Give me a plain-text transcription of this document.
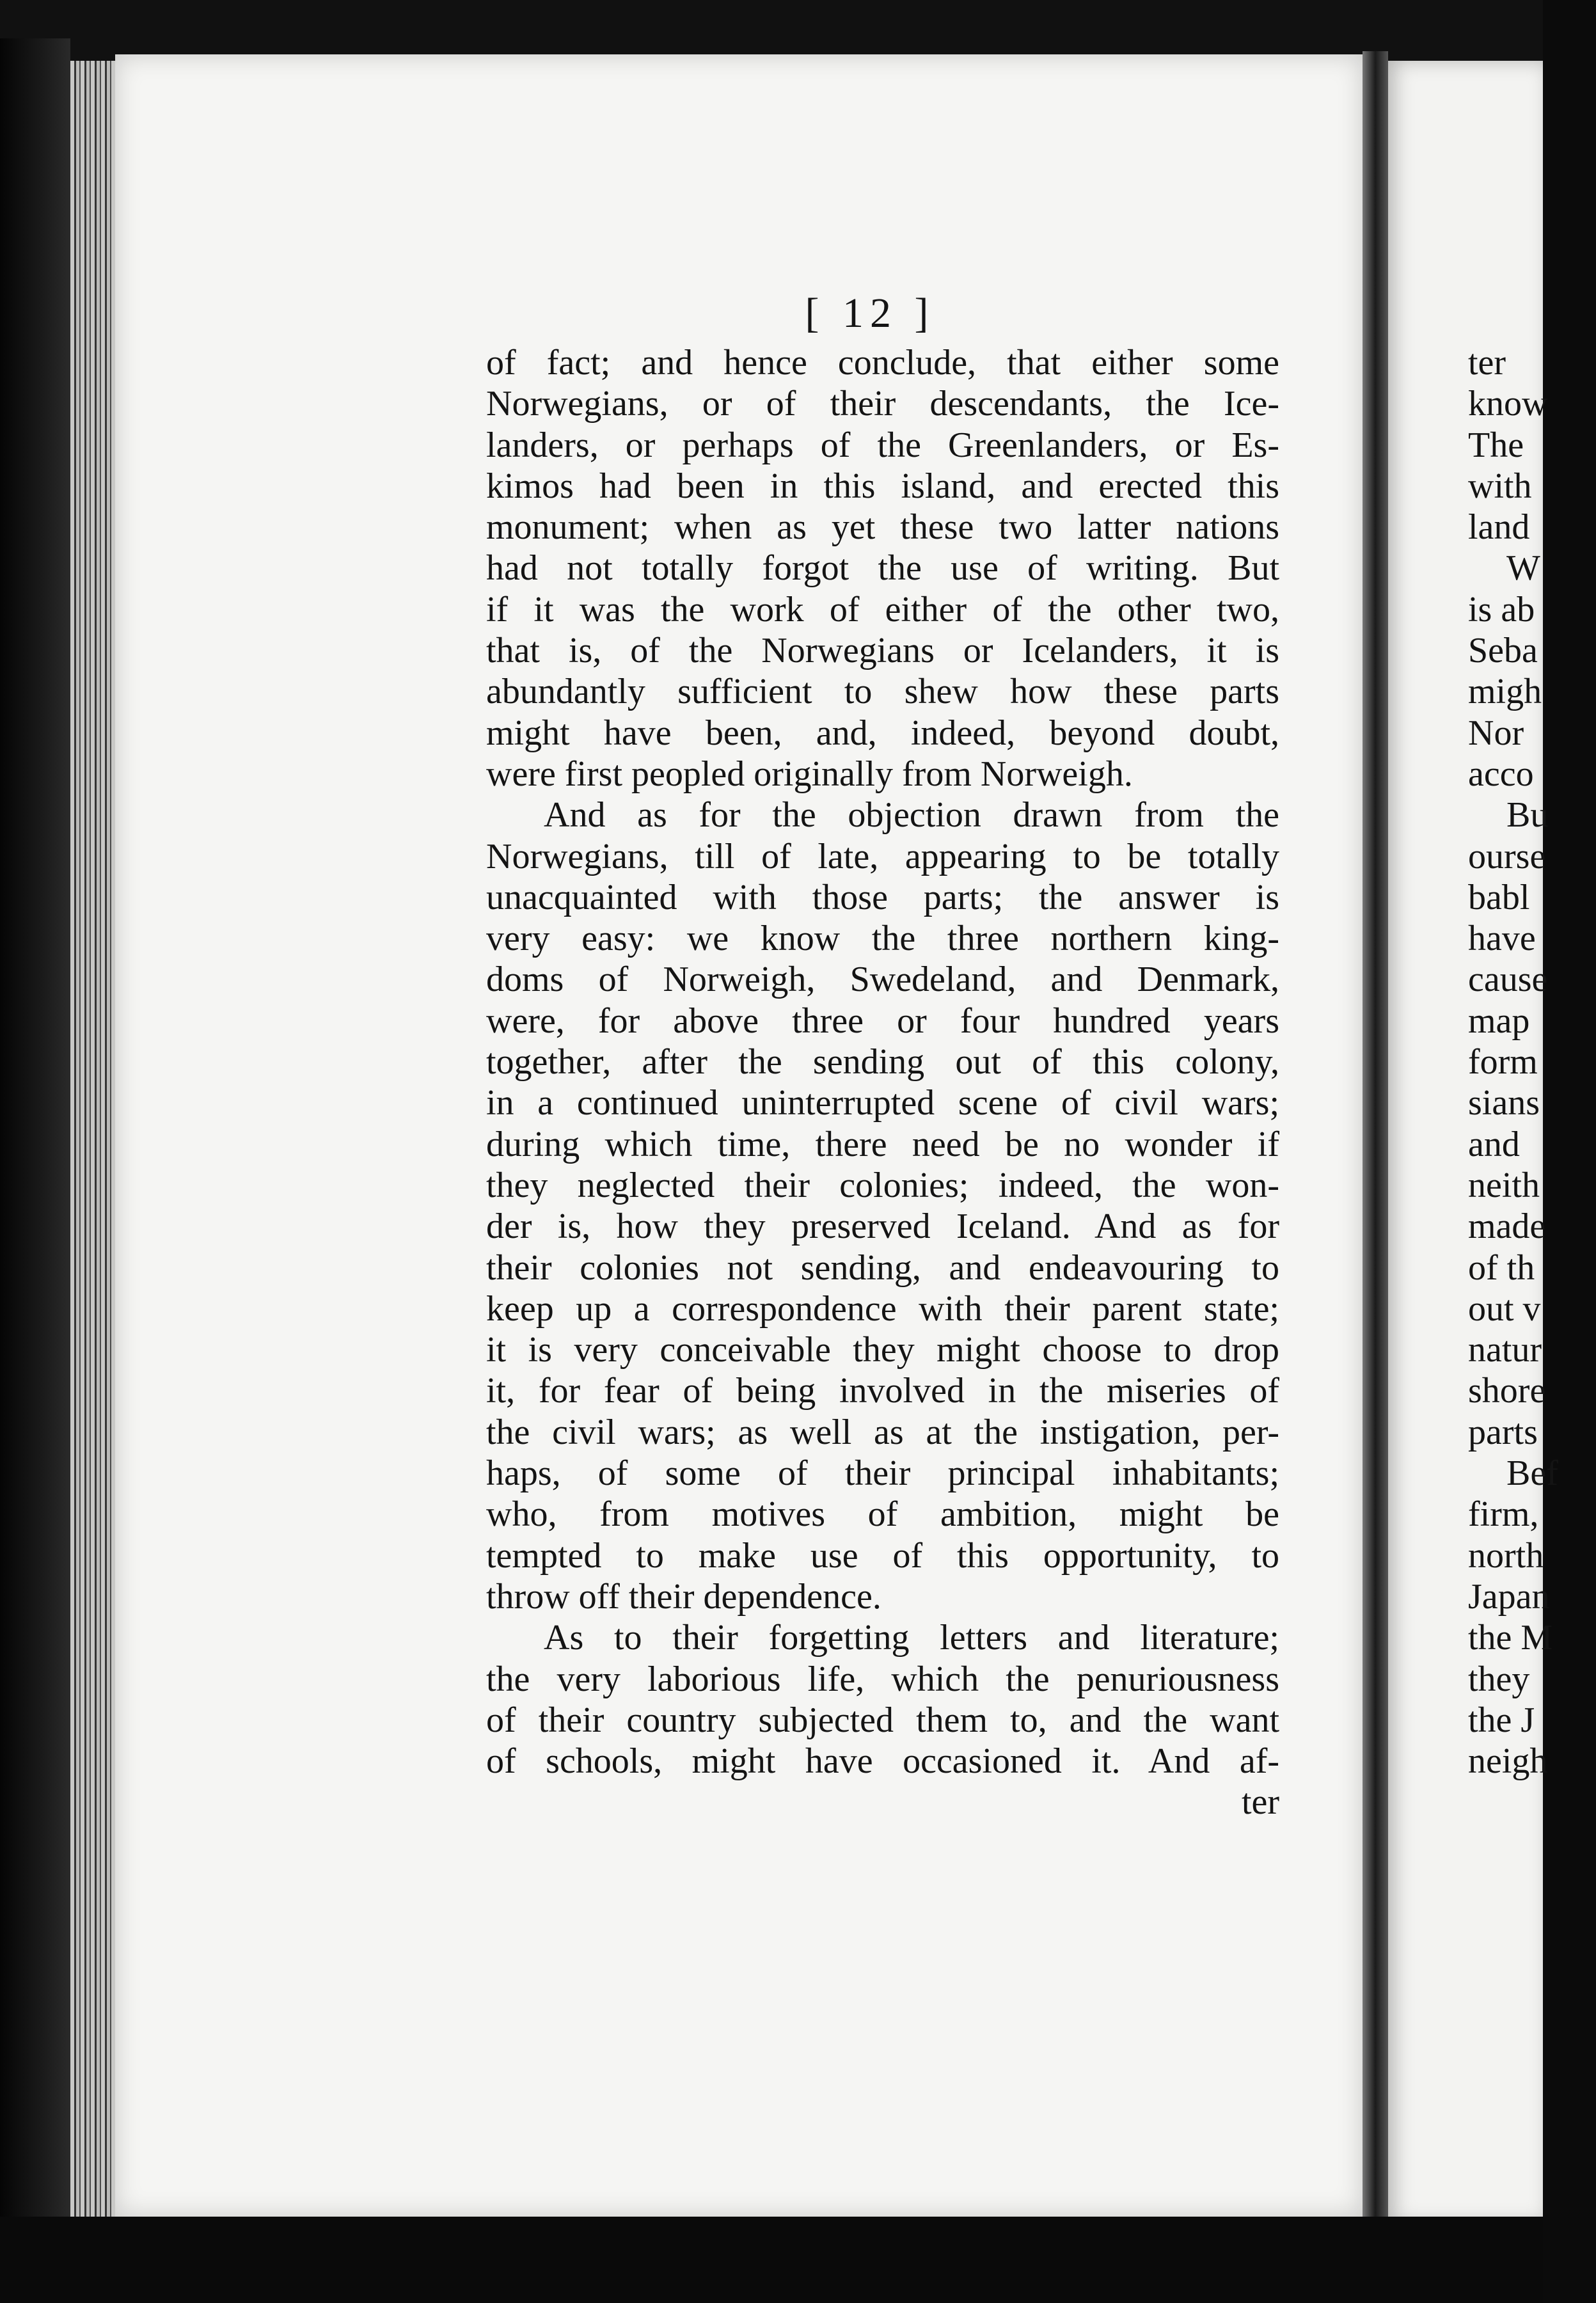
[ 12 ]
of fact; and hence conclude, that either some
Norwegians, or of their descendants, the Ice-
landers, or perhaps of the Greenlanders, or Es-
kimos had been in this island, and erected this
monument; when as yet these two latter nations
had not totally forgot the use of writing. But
if it was the work of either of the other two,
that is, of the Norwegians or Icelanders, it is
abundantly sufficient to shew how these parts
might have been, and, indeed, beyond doubt,
were first peopled originally from Norweigh.
And as for the objection drawn from the
Norwegians, till of late, appearing to be totally
unacquainted with those parts; the answer is
very easy: we know the three northern king-
doms of Norweigh, Swedeland, and Denmark,
were, for above three or four hundred years
together, after the sending out of this colony,
in a continued uninterrupted scene of civil wars;
during which time, there need be no wonder if
they neglected their colonies; indeed, the won-
der is, how they preserved Iceland. And as for
their colonies not sending, and endeavouring to
keep up a correspondence with their parent state;
it is very conceivable they might choose to drop
it, for fear of being involved in the miseries of
the civil wars; as well as at the instigation, per-
haps, of some of their principal inhabitants;
who, from motives of ambition, might be
tempted to make use of this opportunity, to
throw off their dependence.
As to their forgetting letters and literature;
the very laborious life, which the penuriousness
of their country subjected them to, and the want
of schools, might have occasioned it. And af-
ter
ter
know
The
with
land
W
is ab
Seba
migh
Nor
acco
Bu
ourse
babl
have
cause
map
form
sians
and
neith
made
of th
out v
natur
shore
parts
Bef
firm,
north
Japan
the M
they
the J
neigh
